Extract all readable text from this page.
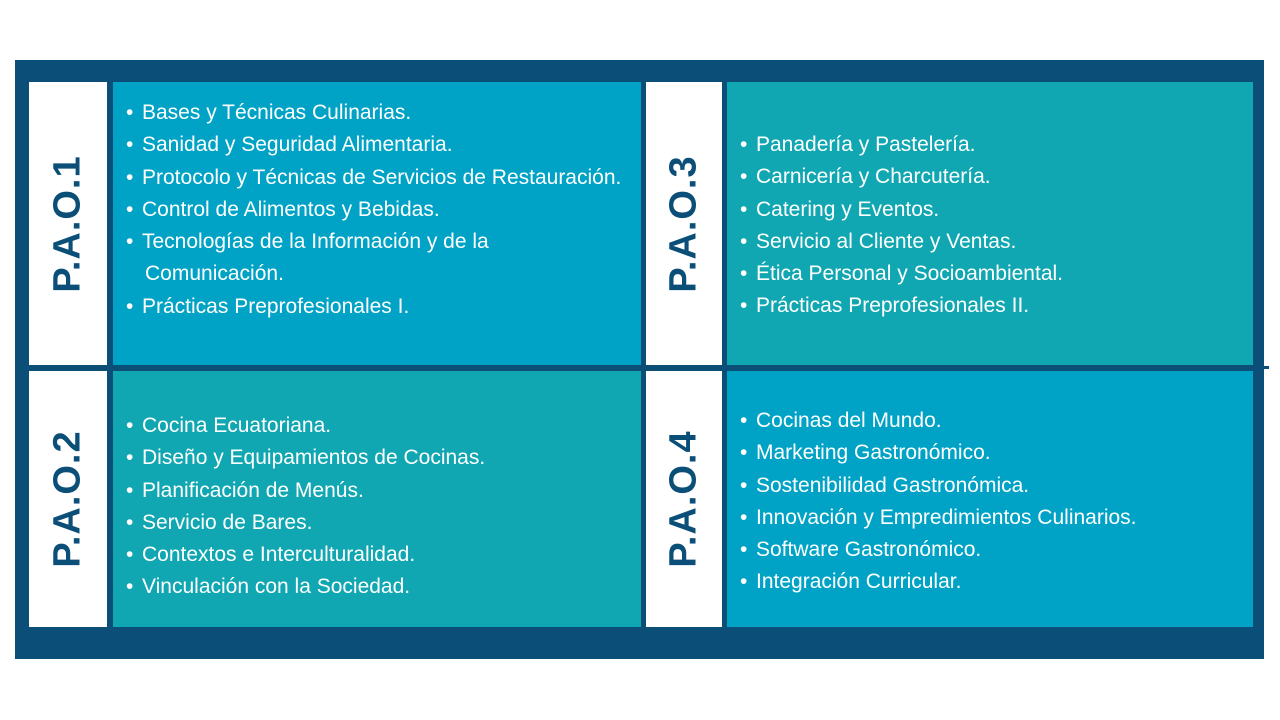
P.A.O.1
• Bases y Técnicas Culinarias.
• Sanidad y Seguridad Alimentaria.
• Protocolo y Técnicas de Servicios de Restauración.
• Control de Alimentos y Bebidas.
• Tecnologías de la Información y de la Comunicación.
• Prácticas Preprofesionales I.
P.A.O.2
• Cocina Ecuatoriana.
• Diseño y Equipamientos de Cocinas.
• Planificación de Menús.
• Servicio de Bares.
• Contextos e Interculturalidad.
• Vinculación con la Sociedad.
P.A.O.3
• Panadería y Pastelería.
• Carnicería y Charcutería.
• Catering y Eventos.
• Servicio al Cliente y Ventas.
• Ética Personal y Socioambiental.
• Prácticas Preprofesionales II.
P.A.O.4
• Cocinas del Mundo.
• Marketing Gastronómico.
• Sostenibilidad Gastronómica.
• Innovación y Empredimientos Culinarios.
• Software Gastronómico.
• Integración Curricular.
